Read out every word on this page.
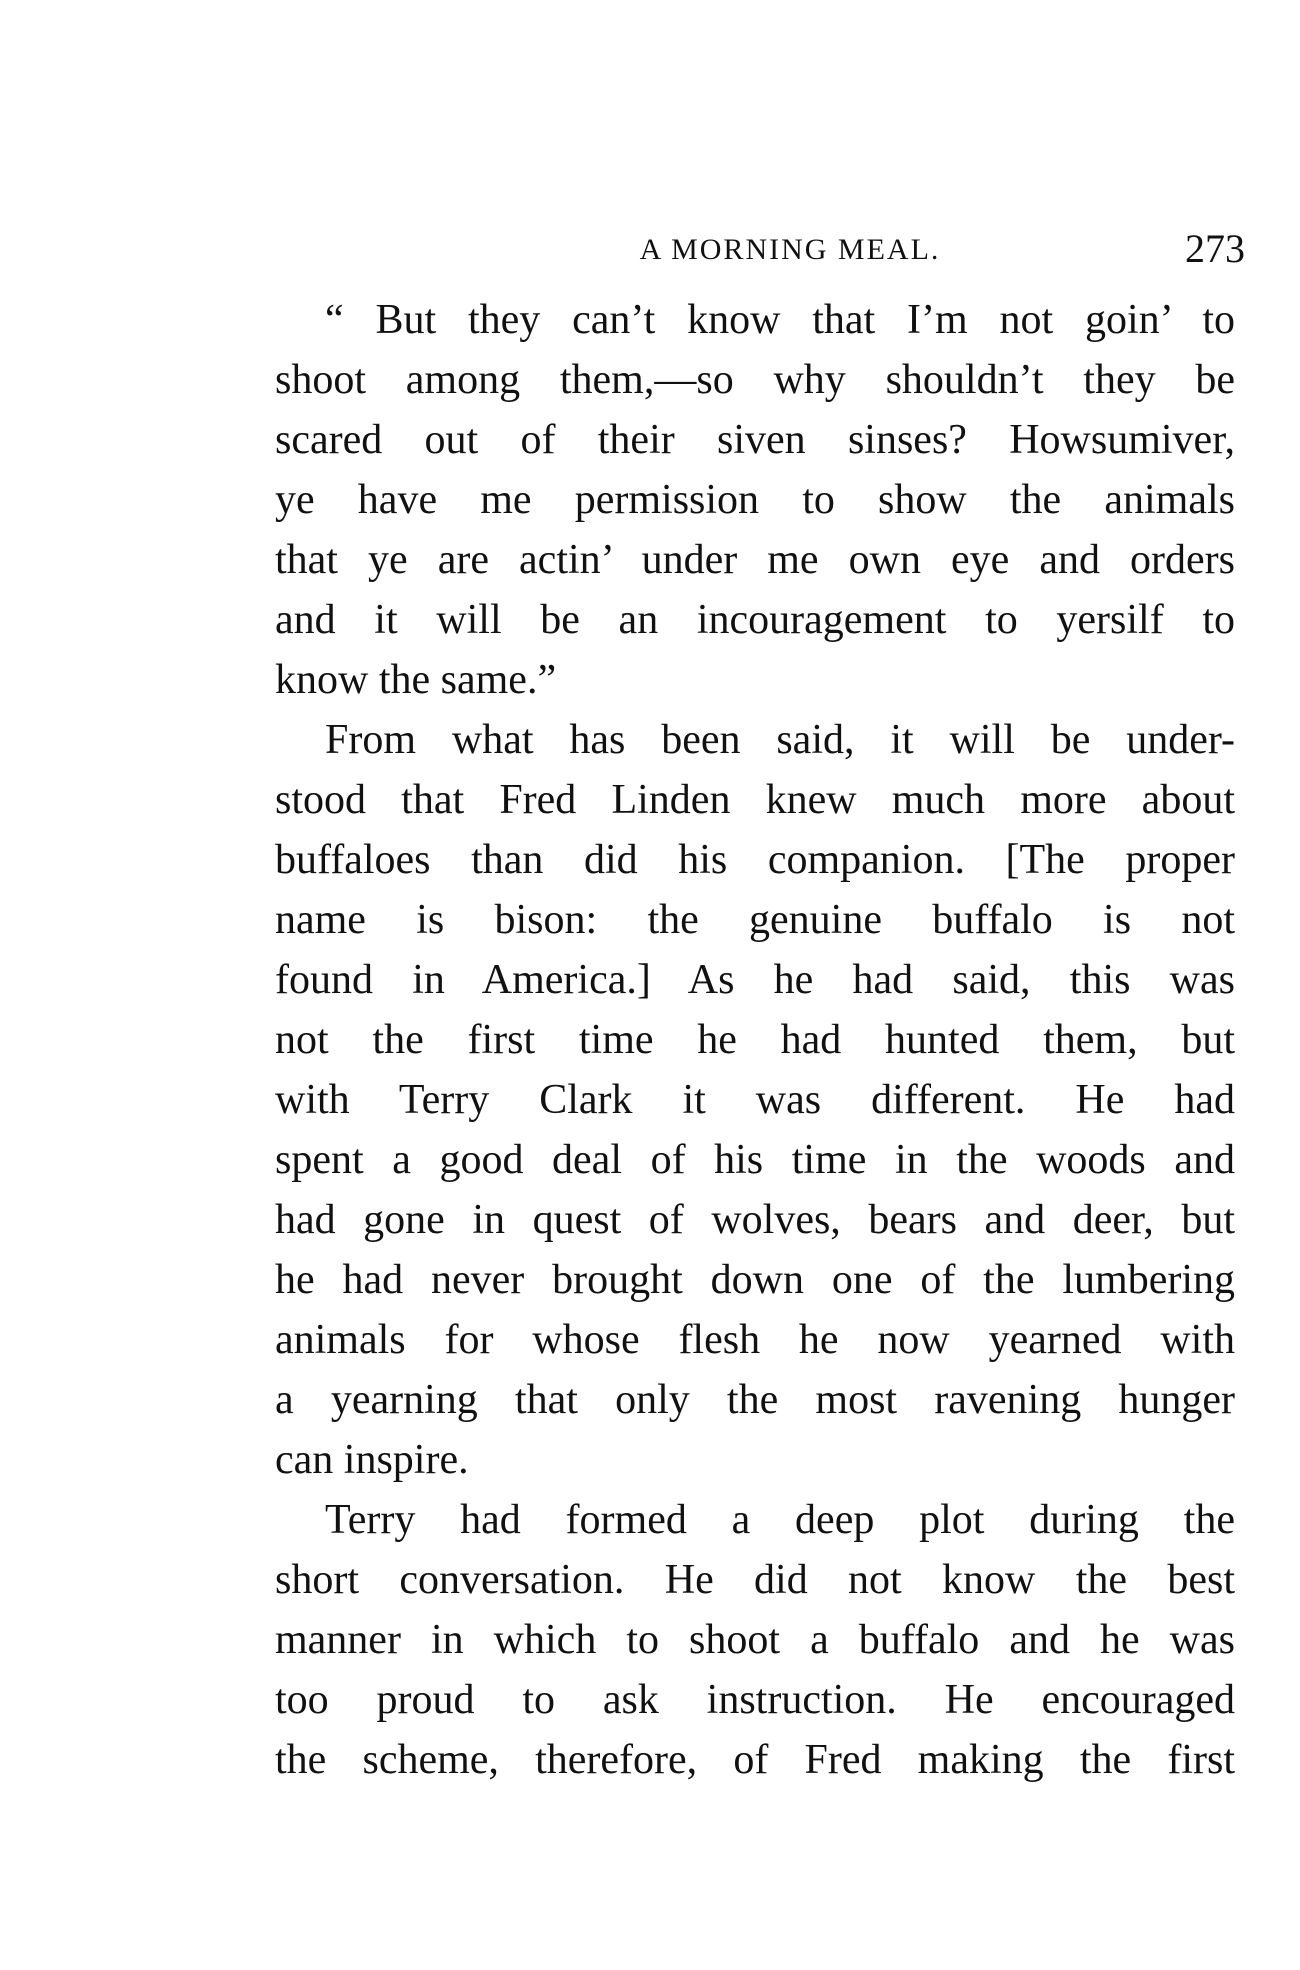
A MORNING MEAL.	273

“ But they can’t know that I’m not goin’ to
shoot among them,—so why shouldn’t they be
scared out of their siven sinses? Howsumiver,
ye have me permission to show the animals
that ye are actin’ under me own eye and orders
and it will be an incouragement to yersilf to
know the same.”

From what has been said, it will be under-
stood that Fred Linden knew much more about
buffaloes than did his companion. [The proper
name is bison: the genuine buffalo is not
found in America.] As he had said, this was
not the first time he had hunted them, but
with Terry Clark it was different. He had
spent a good deal of his time in the woods and
had gone in quest of wolves, bears and deer, but
he had never brought down one of the lumbering
animals for whose flesh he now yearned with
a yearning that only the most ravening hunger
can inspire.

Terry had formed a deep plot during the
short conversation. He did not know the best
manner in which to shoot a buffalo and he was
too proud to ask instruction. He encouraged
the scheme, therefore, of Fred making the first
